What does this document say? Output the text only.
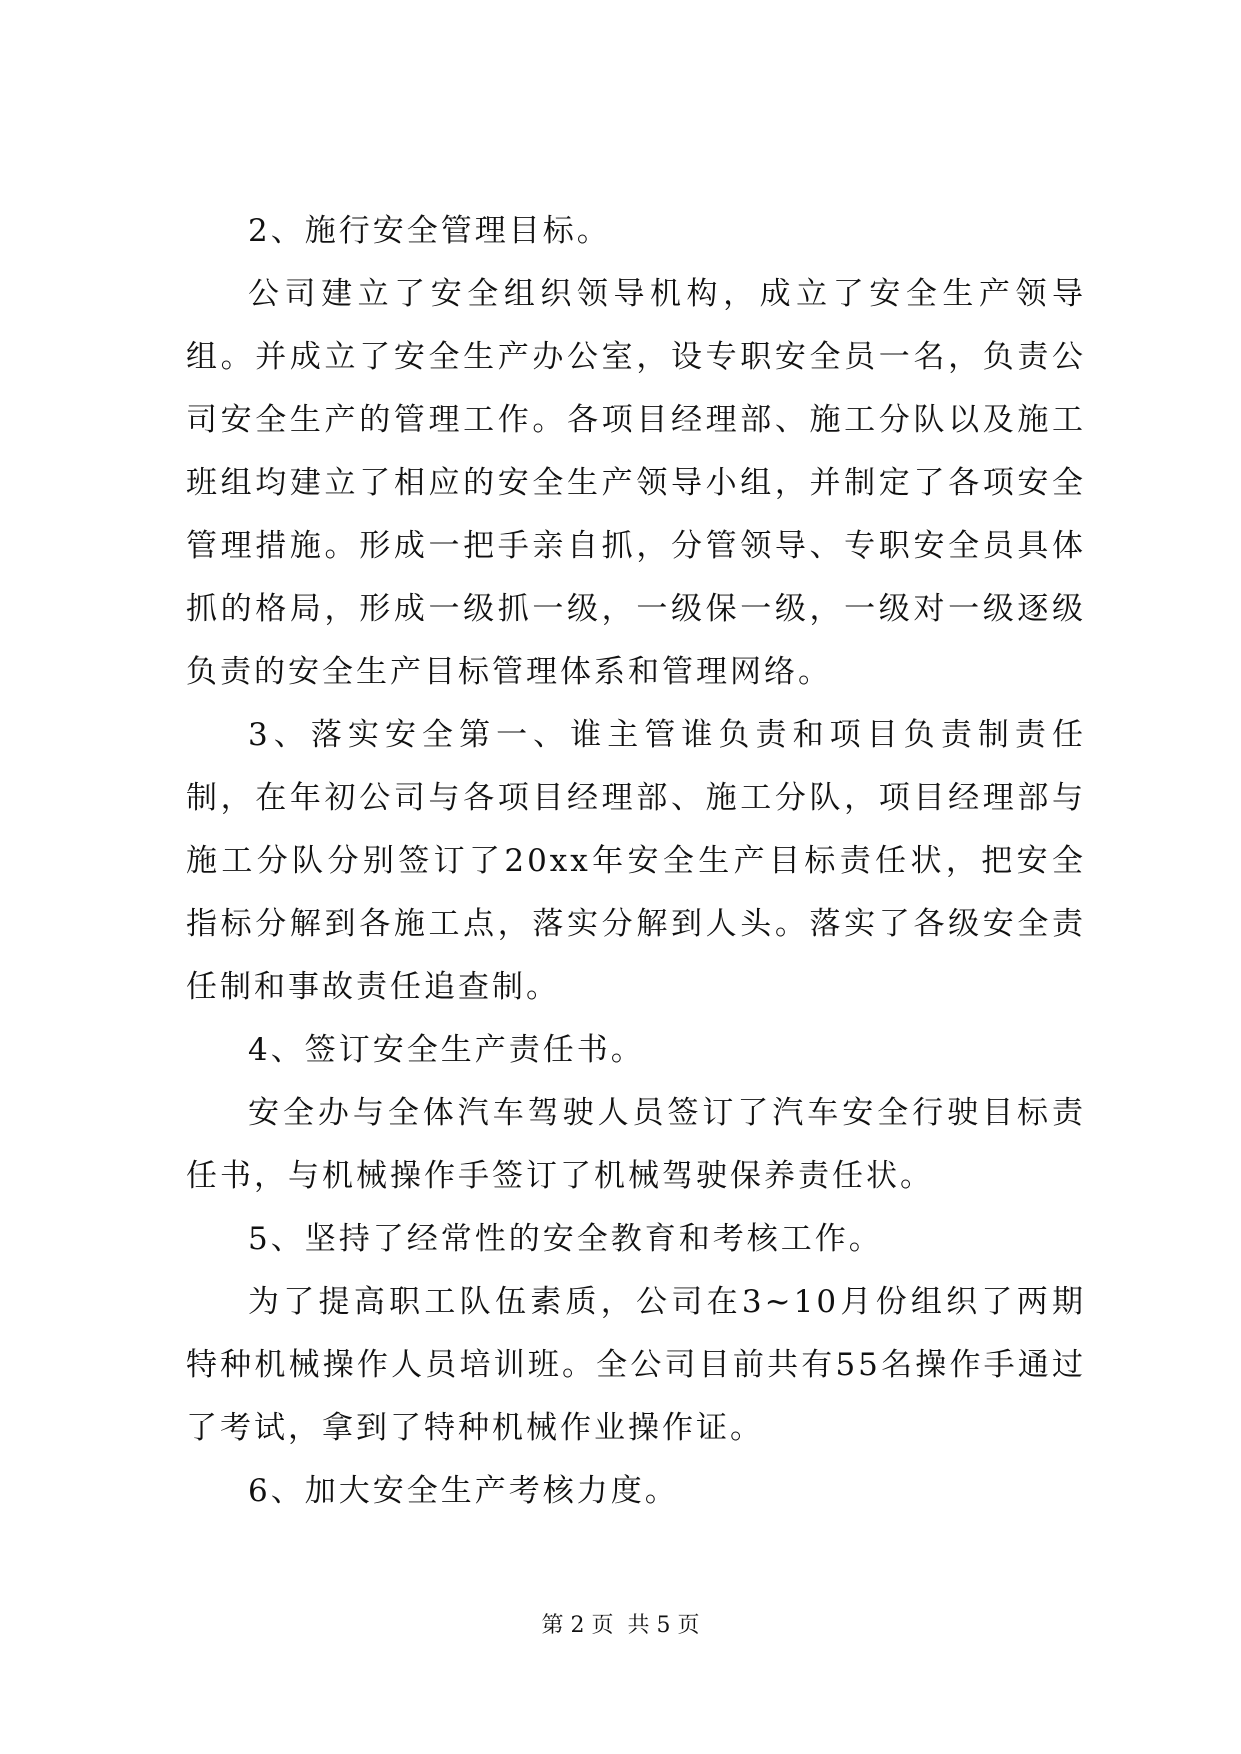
2、施行安全管理目标。

公司建立了安全组织领导机构，成立了安全生产领导组。并成立了安全生产办公室，设专职安全员一名，负责公司安全生产的管理工作。各项目经理部、施工分队以及施工班组均建立了相应的安全生产领导小组，并制定了各项安全管理措施。形成一把手亲自抓，分管领导、专职安全员具体抓的格局，形成一级抓一级，一级保一级，一级对一级逐级负责的安全生产目标管理体系和管理网络。

3、落实安全第一、谁主管谁负责和项目负责制责任制，在年初公司与各项目经理部、施工分队，项目经理部与施工分队分别签订了20xx年安全生产目标责任状，把安全指标分解到各施工点，落实分解到人头。落实了各级安全责任制和事故责任追查制。

4、签订安全生产责任书。

安全办与全体汽车驾驶人员签订了汽车安全行驶目标责任书，与机械操作手签订了机械驾驶保养责任状。

5、坚持了经常性的安全教育和考核工作。

为了提高职工队伍素质，公司在3~10月份组织了两期特种机械操作人员培训班。全公司目前共有55名操作手通过了考试，拿到了特种机械作业操作证。

6、加大安全生产考核力度。

第 2 页  共 5 页
